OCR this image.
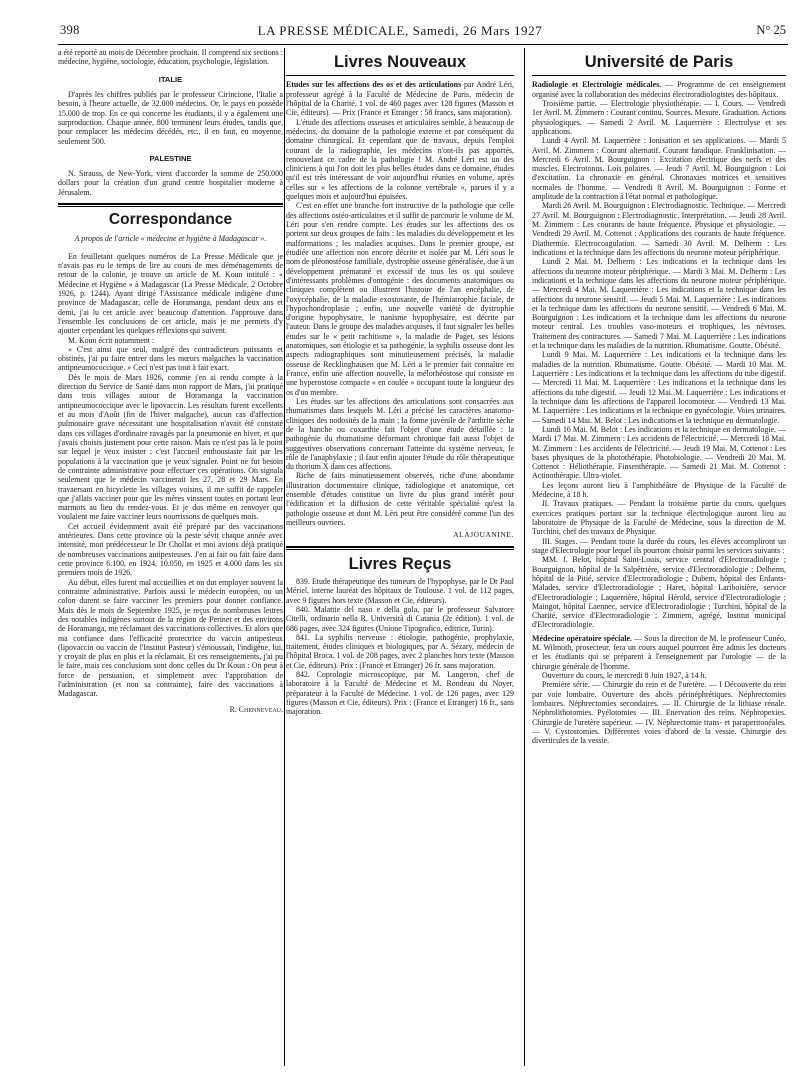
398	LA PRESSE MÉDICALE, Samedi, 26 Mars 1927	N° 25

a été reporté au mois de Décembre prochain. Il comprend six sections : médecine, hygiène, sociologie, éducation, psychologie, législation.

ITALIE

D'après les chiffres publiés par le professeur Cirincione, l'Italie a besoin, à l'heure actuelle, de 32.000 médecins. Or, le pays en possède 15.000 de trop. En ce qui concerne les étudiants, il y a également une surproduction. Chaque année, 800 terminent leurs études, tandis que, pour remplacer les médecins décédés, etc., il en faut, en moyenne, seulement 500.

PALESTINE

N. Strauss, de New-York, vient d'accorder la somme de 250.000 dollars pour la création d'un grand centre hospitalier moderne à Jérusalem.

Correspondance
A propos de l'article « médecine et hygiène à Madagascar ».

En feuilletant quelques numéros de La Presse Médicale que je n'avais pas eu le temps de lire au cours de mes déménagements de retour de la colonie, je trouve un article de M. Koun intitulé : « Médecine et Hygiène » à Madagascar (La Presse Médicale, 2 Octobre 1926, p. 1244). Ayant dirigé l'Assistance médicale indigène d'une province de Madagascar, celle de Horamanga, pendant deux ans et demi, j'ai lu cet article avec beaucoup d'attention. J'approuve dans l'ensemble les conclusions de cet article, mais je me permets d'y ajouter cependant les quelques réflexions qui suivent.

M. Koun écrit notamment :

« C'est ainsi que seul, malgré des contradicteurs puissants et obstinés, j'ai pu faire entrer dans les mœurs malgaches la vaccination antipneumococcique. » Ceci n'est pas tout à fait exact.

Dès le mois de Mars 1926, comme j'en ai rendu compte à la direction du Service de Santé dans mon rapport de Mars, j'ai pratiqué dans trois villages autour de Horamanga la vaccination antipneumococcique avec le lipovaccin. Les résultats furent excellents et au mois d'Août (fin de l'hiver malgache), aucun cas d'affection pulmonaire grave nécessitant une hospitalisation n'avait été constaté dans ces villages d'ordinaire ravagés par la pneumonie en hiver, et que j'avais choisis justement pour cette raison. Mais ce n'est pas là le point sur lequel je veux insister ; c'est l'accueil enthousiaste fait par les populations à la vaccination que je veux signaler. Point ne fut besoin de contrainte administrative pour effectuer ces opérations. On signala seulement que le médecin vaccinerait les 27, 28 et 29 Mars. En travaersant en bicyclette les villages voisins, il me suffit de rappeler que j'allais vacciner pour que les mères vinssent toutes en portant leur marmots au lieu du rendez-vous. Et je dus même en renvoyer qui voulaient me faire vacciner leurs nourrissons de quelques mois.

Cet accueil évidemment avait été préparé par des vaccinations antérieures. Dans cette province où la peste sévit chaque année avec intensité, mon prédécesseur le Dr Chollat et moi avions déjà pratiqué de nombreuses vaccinations antipesteuses. J'en ai fait ou fait faire dans cette province 6.100, en 1924, 10.050, en 1925 et 4.000 dans les six premiers mois de 1926.

Au début, elles furent mal accueillies et on dut employer souvent la contrainte administrative. Parfois aussi le médecin européen, ou un colon durent se faire vacciner les premiers pour donner confiance. Mais dès le mois de Septembre 1925, je reçus de nombreuses lettres des notables indigènes surtout de la région de Perinet et des environs de Horamanga, me réclamant des vaccinations collectives. Et alors que ma confiance dans l'efficacité protectrice du vaccin antipesteux (lipovaccin ou vaccin de l'Institut Pasteur) s'émoussait, l'indigène, lui, y croyait de plus en plus et la réclamait. Et ces renseignements, j'ai pu le faire, mais ces conclusions sont donc celles du Dr Koun : On peut à force de persuasion, et simplement avec l'approbation de l'administration (et non sa contrainte), faire des vaccinations à Madagascar.

R. Chenneveau.
Livres Nouveaux

Etudes sur les affections des os et des articulations par André Léri, professeur agrégé à la Faculté de Médecine de Paris, médecin de l'hôpital de la Charité. 1 vol. de 460 pages avec 128 figures (Masson et Cie, éditeurs). — Prix (France et Etranger : 58 francs, sans majoration).

L'étude des affections osseuses et articulaires semble, à beaucoup de médecins, du domaine de la pathologie externe et par conséquent du domaine chirurgical. Et cependant que de travaux, depuis l'emploi courant de la radiographie, les médecins n'ont-ils pas apportés, renouvelant ce cadre de la pathologie ! M. André Léri est un des cliniciens à qui l'on doit les plus belles études dans ce domaine, études qu'il est très intéressant de voir aujourd'hui réunies en volume, après celles sur « les affections de la colonne vertébrale », parues il y a quelques mois et aujourd'hui épuisées.

C'est en effet une branche fort instructive de la pathologie que celle des affections ostéo-articulaires et il suffit de parcourir le volume de M. Léri pour s'en rendre compte. Les études sur les affections des os portent sur deux groupes de faits : les maladies du développement et les malformations ; les maladies acquises. Dans le premier groupe, est étudiée une affection non encore décrite et isolée par M. Léri sous le nom de pléonostéose familiale, dystrophie osseuse généralisée, due à un développement prématuré et excessif de tous les os qui souleve d'intéressants problèmes d'ontogénie : des documents anatomiques ou cliniques complètent ou illustrent l'histoire de l'an encéphalie, de l'oxycéphalie, de la maladie exostosante, de l'hémiatrophie faciale, de l'hypochondroplasie ; enfin, une nouvelle variété de dystrophie d'origine hypophysaire, le nanisme hypophysaire, est décrite par l'auteur. Dans le groupe des maladies acquises, il faut signaler les belles études sur le « petit rachitisme », la maladie de Paget, ses lésions anatomiques, son étiologie et sa pathogénie, la syphilis osseuse dont les aspects radiographiques sont minutieusement précisés, la maladie osseuse de Recklinghausen que M. Léri a le premier fait connaître en France, enfin une affection nouvelle, la mélorhéostose qui consiste en une hyperostose compacte « en coulée » occupant toute la longueur des os d'un membre.

Les études sur les affections des articulations sont consacrées aux rhumatismes dans lesquels M. Léri a précisé les caractères anatomo-cliniques des nodosités de la main ; la forme juvénile de l'arthrite sèche de la hanche ou coxarthie fait l'objet d'une étude détaillée : la pathogénie du rhumatisme déformant chronique fait aussi l'objet de suggestives observations concernant l'atteinte du système nerveux, le rôle de l'anaphylaxie ; il faut enfin ajouter l'étude du rôle thérapeutique du thorium X dans ces affections.

Riche de faits minutieusement observés, riche d'une abondante illustration documentaire clinique, radiologique et anatomique, cet ensemble d'études constitue un livre du plus grand intérêt pour l'édification et la diffusion de cette véritable spécialité qu'est la pathologie osseuse et dont M. Léri peut être considéré comme l'un des meilleurs ouvriers.

ALAJOUANINE.
Livres Reçus

839. Etude thérapeutique des tumeurs de l'hypophyse, par le Dr Paul Mériel, interne lauréat des hôpitaux de Toulouse. 1 vol. de 112 pages, avec 9 figures hors texte (Masson et Cie, éditeurs).

840. Malattie del naso e della gola, par le professeur Salvatore Citelli, ordinario nella R. Università di Catania (2e édition). 1 vol. de 686 pages, avec 324 figures (Unione Tipografico, éditrice, Turin).

841. La syphilis nerveuse : étiologie, pathogénie, prophylaxie, traitement, études cliniques et biologiques, par A. Sézary, médecin de l'hôpital Broca. 1 vol. de 208 pages, avec 2 planches hors texte (Masson et Cie, éditeurs). Prix : (France et Etranger) 26 fr. sans majoration.

842. Coprologie microscopique, par M. Langeron, chef de laboratoire à la Faculté de Médecine et M. Rondeau du Noyer, préparateur à la Faculté de Médecine. 1 vol. de 126 pages, avec 129 figures (Masson et Cie, éditeurs). Prix : (France et Etranger) 16 fr., sans majoration.

Université de Paris

Radiologie et Electrologie médicales. — Programme de cet enseignement organisé avec la collaboration des médecins électroradiologistes des hôpitaux.

Troisième partie. — Electrologie physiothérapie. — I. Cours. — Vendredi 1er Avril. M. Zimmern : Courant continu. Sources. Mesure. Graduation. Actions physiologiques. — Samedi 2 Avril. M. Laquerrière : Electrolyse et ses applications.

Lundi 4 Avril. M. Laquerrière : Ionisation et ses applications. — Mardi 5 Avril. M. Zimmern : Courant alternatif. Courant faradique. Franklinisation. — Mercredi 6 Avril. M. Bourguignon : Excitation électrique des nerfs et des muscles. Electrotonus. Lois polaires. — Jeudi 7 Avril. M. Bourguignon : Loi d'excitation. La chronaxie en général. Chronaxies motrices et sensitives normales de l'homme. — Vendredi 8 Avril. M. Bourguignon : Forme et amplitude de la contraction à l'état normal et pathologique.

Mardi 26 Avril. M. Bourguignon : Electrodiagnostic. Technique. — Mercredi 27 Avril. M. Bourguignon : Electrodiagnostic. Interprétation. — Jeudi 28 Avril. M. Zimmern : Les courants de haute fréquence. Physique et physiologie. — Vendredi 29 Avril. M. Cottenot : Applications des courants de haute fréquence. Diathermie. Electrocoagulation. — Samedi 30 Avril. M. Delherm : Les indications et la technique dans les affections du neurone moteur périphérique.

Lundi 2 Mai. M. Delherm : Les indications et la technique dans les affections du neurone moteur périphérique. — Mardi 3 Mai. M. Delherm : Les indications et la technique dans les affections du neurone moteur périphérique. — Mercredi 4 Mai. M. Laquerrière : Les indications et la technique dans les affections du neurone sensitif. — Jeudi 5 Mai. M. Laquerrière : Les indications et la technique dans les affections du neurone sensitif. — Vendredi 6 Mai. M. Bourguignon : Les indications et la technique dans les affections du neurone moteur central. Les troubles vaso-moteurs et trophiques, les névroses. Traitement des contractures. — Samedi 7 Mai. M. Laquerrière : Les indications et la technique dans les maladies de la nutrition. Rhumatisme. Goutte. Obésité.

Lundi 9 Mai. M. Laquerrière : Les indications et la technique dans les maladies de la nutrition. Rhumatisme. Goutte. Obésité. — Mardi 10 Mai. M. Laquerrière : Les indications et la technique dans les affections du tube digestif. — Mercredi 11 Mai. M. Laquerrière : Les indications et la technique dans les affections du tube digestif. — Jeudi 12 Mai. M. Laquerrière : Les indications et la technique dans les affections de l'appareil locomoteur. — Vendredi 13 Mai. M. Laquerrière : Les indications et la technique en gynécologie. Voies urinaires. — Samedi 14 Mai. M. Belot : Les indications et la technique en dermatologie.

Lundi 16 Mai. M. Belot : Les indications et la technique en dermatologie. — Mardi 17 Mai. M. Zimmern : Les accidents de l'électricité. — Mercredi 18 Mai. M. Zimmern : Les accidents de l'électricité. — Jeudi 19 Mai. M. Cottenot : Les bases physiques de la photothérapie. Photobiologie. — Vendredi 20 Mai. M. Cottenot : Héliothérapie. Finsenthérapie. — Samedi 21 Mai. M. Cottenot : Actinothérapie. Ultra-violet.

Les leçons auront lieu à l'amphithéâtre de Physique de la Faculté de Médecine, à 18 h.

II. Travaux pratiques. — Pendant la troisième partie du cours, quelques exercices pratiques portant sur la technique électrologique auront lieu au laboratoire de Physique de la Faculté de Médecine, sous la direction de M. Turchini, chef des travaux de Physique.

III. Stages. — Pendant toute la durée du cours, les élèves accompliront un stage d'Electrologie pour lequel ils pourront choisir parmi les services suivants :

MM. J. Belot, hôpital Saint-Louis, service central d'Electroradiologie ; Bourguignon, hôpital de la Salpêtrière, service d'Electroradiologie ; Delherm, hôpital de la Pitié, service d'Electroradiologie ; Dubem, hôpital des Enfants-Malades, service d'Electroradiologie ; Haret, hôpital Lariboisière, service d'Electroradiologie ; Laquerrière, hôpital Hérold, service d'Electroradiologie ; Maingot, hôpital Laennec, service d'Electroradiologie ; Turchini, hôpital de la Charité, service d'Electroradiologie ; Zimmern, agrégé, Institut municipal d'Electroradiologie.

Médecine opératoire spéciale. — Sous la direction de M. le professeur Cunéo, M. Wilmoth, prosecteur, fera un cours auquel pourront être admis les docteurs et les étudiants qui se préparent à l'enseignement par l'urologie — de la chirurgie générale de l'homme.

Ouverture du cours, le mercredi 8 Juin 1927, à 14 h.

Première série. — Chirurgie du rein et de l'uretère. — I Découverte du rein par voie lombaire. Ouverture des abcès périnéphrétiques. Néphrectomies lombaires. Néphrectomies secondaires. — II. Chirurgie de la lithiase rénale. Néphrolithotomies. Pyélotomies — III. Enervation des reins. Néphropexies. Chirurgie de l'uretère supérieur. — IV. Néphrectomie trans- et paraperitonéales. — V. Cystostomies. Différentes voies d'abord de la vessie. Chirurgie des diverticules de la vessie.
